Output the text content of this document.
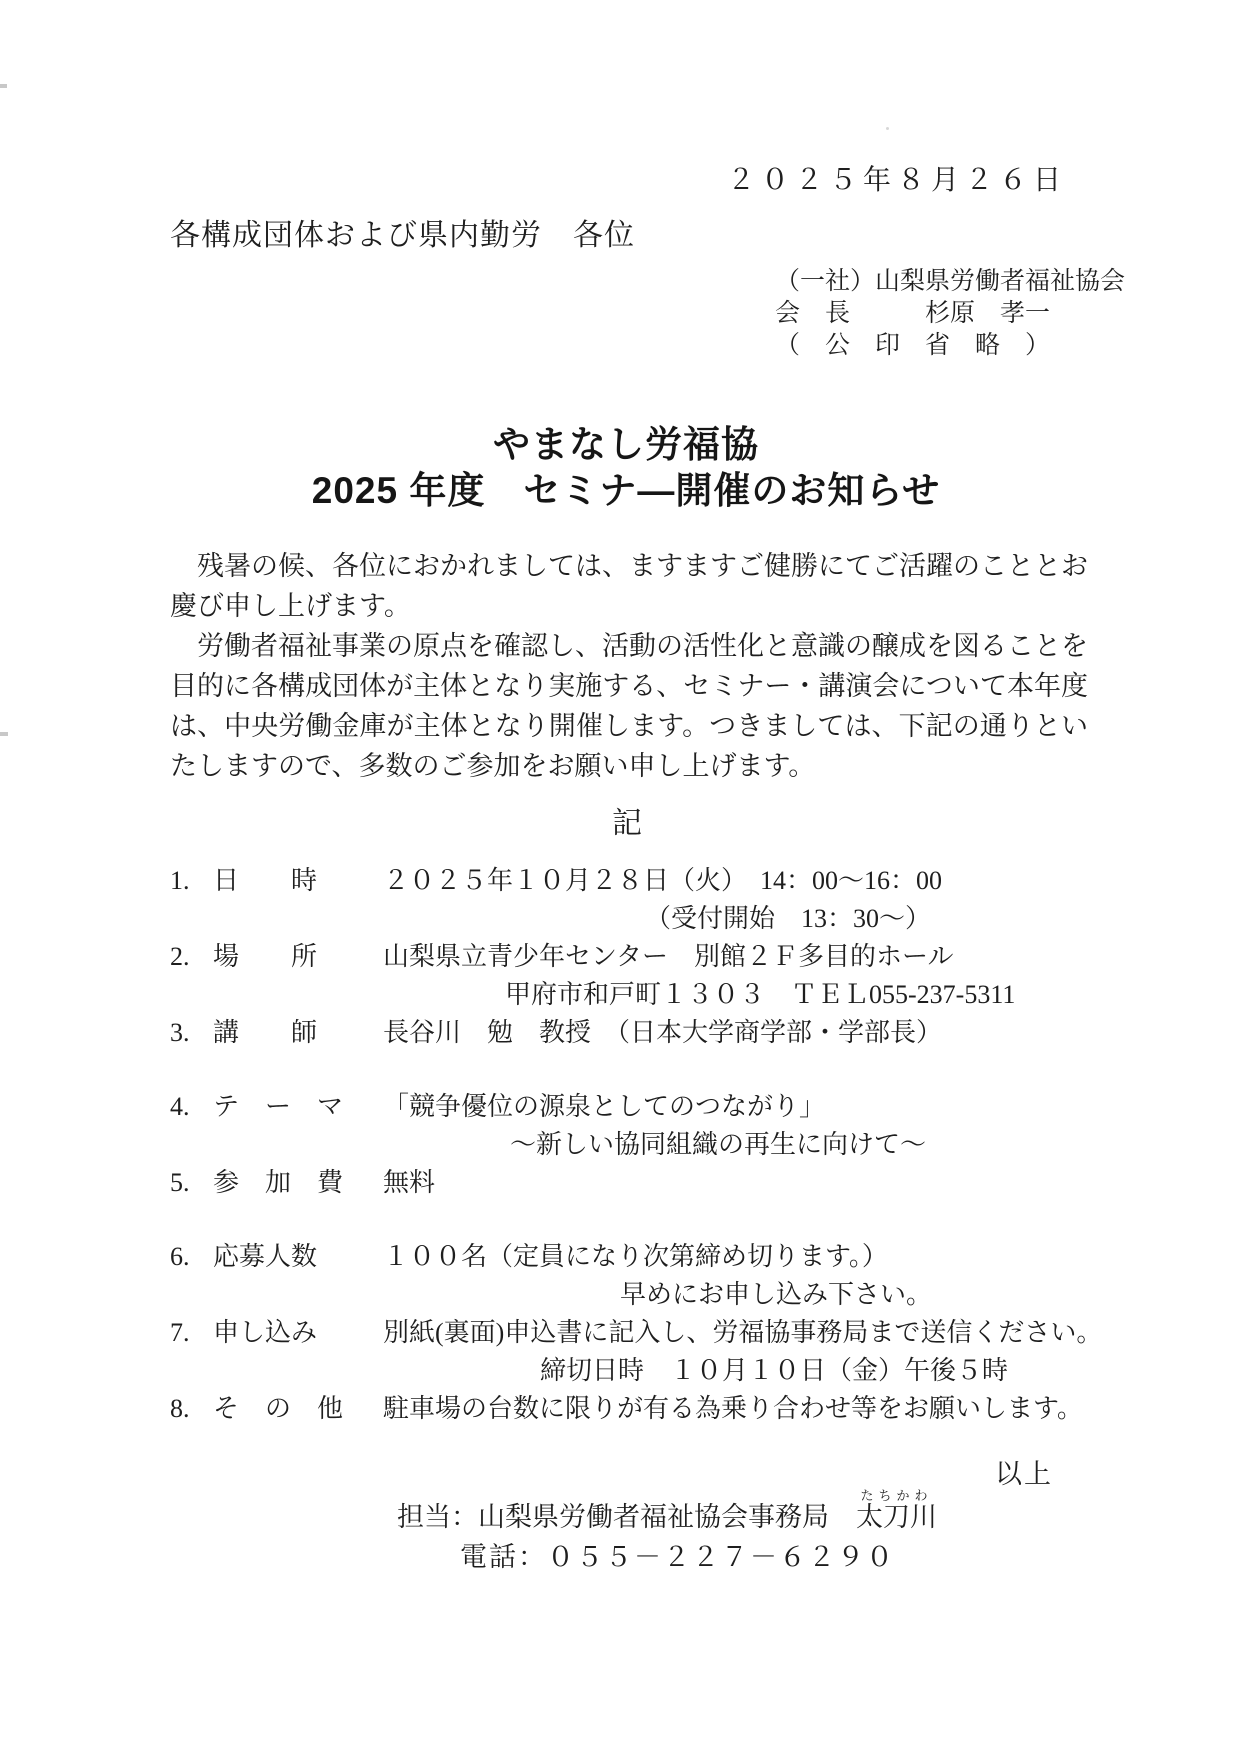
２０２５年８月２６日
各構成団体および県内勤労　各位
（一社）山梨県労働者福祉協会
会　長　　　杉原　孝一
（　公　印　省　略　）
やまなし労福協
2025 年度　セミナ―開催のお知らせ

　残暑の候、各位におかれましては、ますますご健勝にてご活躍のこととお慶び申し上げます。

　労働者福祉事業の原点を確認し、活動の活性化と意識の醸成を図ることを目的に各構成団体が主体となり実施する、セミナー・講演会について本年度は、中央労働金庫が主体となり開催します。つきましては、下記の通りといたしますので、多数のご参加をお願い申し上げます。

記
1. 日　　時	２０２５年１０月２８日（火）　14：00～16：00
（受付開始　13：30～）
2. 場　　所	山梨県立青少年センター　別館２Ｆ多目的ホール
甲府市和戸町１３０３　ＴＥＬ055-237-5311
3. 講　　師	長谷川　勉　教授　（日本大学商学部・学部長）
4. テ　ー　マ	「競争優位の源泉としてのつながり」
～新しい協同組織の再生に向けて～
5. 参　加　費	無料
6. 応募人数	１００名（定員になり次第締め切ります。）
早めにお申し込み下さい。
7. 申し込み	別紙(裏面)申込書に記入し、労福協事務局まで送信ください。
締切日時　１０月１０日（金）午後５時
8. そ　の　他	駐車場の台数に限りが有る為乗り合わせ等をお願いします。
以上
担当：山梨県労働者福祉協会事務局　太刀川たちかわ
電話：０５５－２２７－６２９０
